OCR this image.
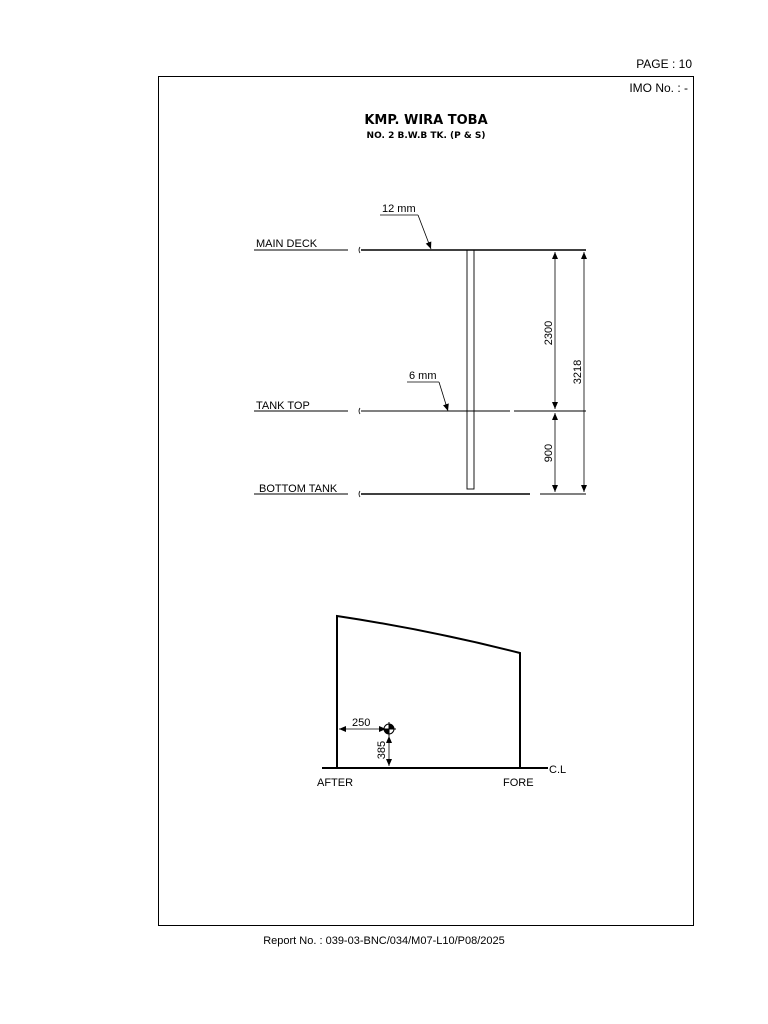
PAGE : 10
IMO No. : -
KMP. WIRA TOBA
NO. 2 B.W.B TK. (P & S)
MAIN DECK
TANK TOP
BOTTOM TANK
12 mm
6 mm
2300
900
3218
C.L
AFTER	FORE
250
385
Report No. : 039-03-BNC/034/M07-L10/P08/2025
